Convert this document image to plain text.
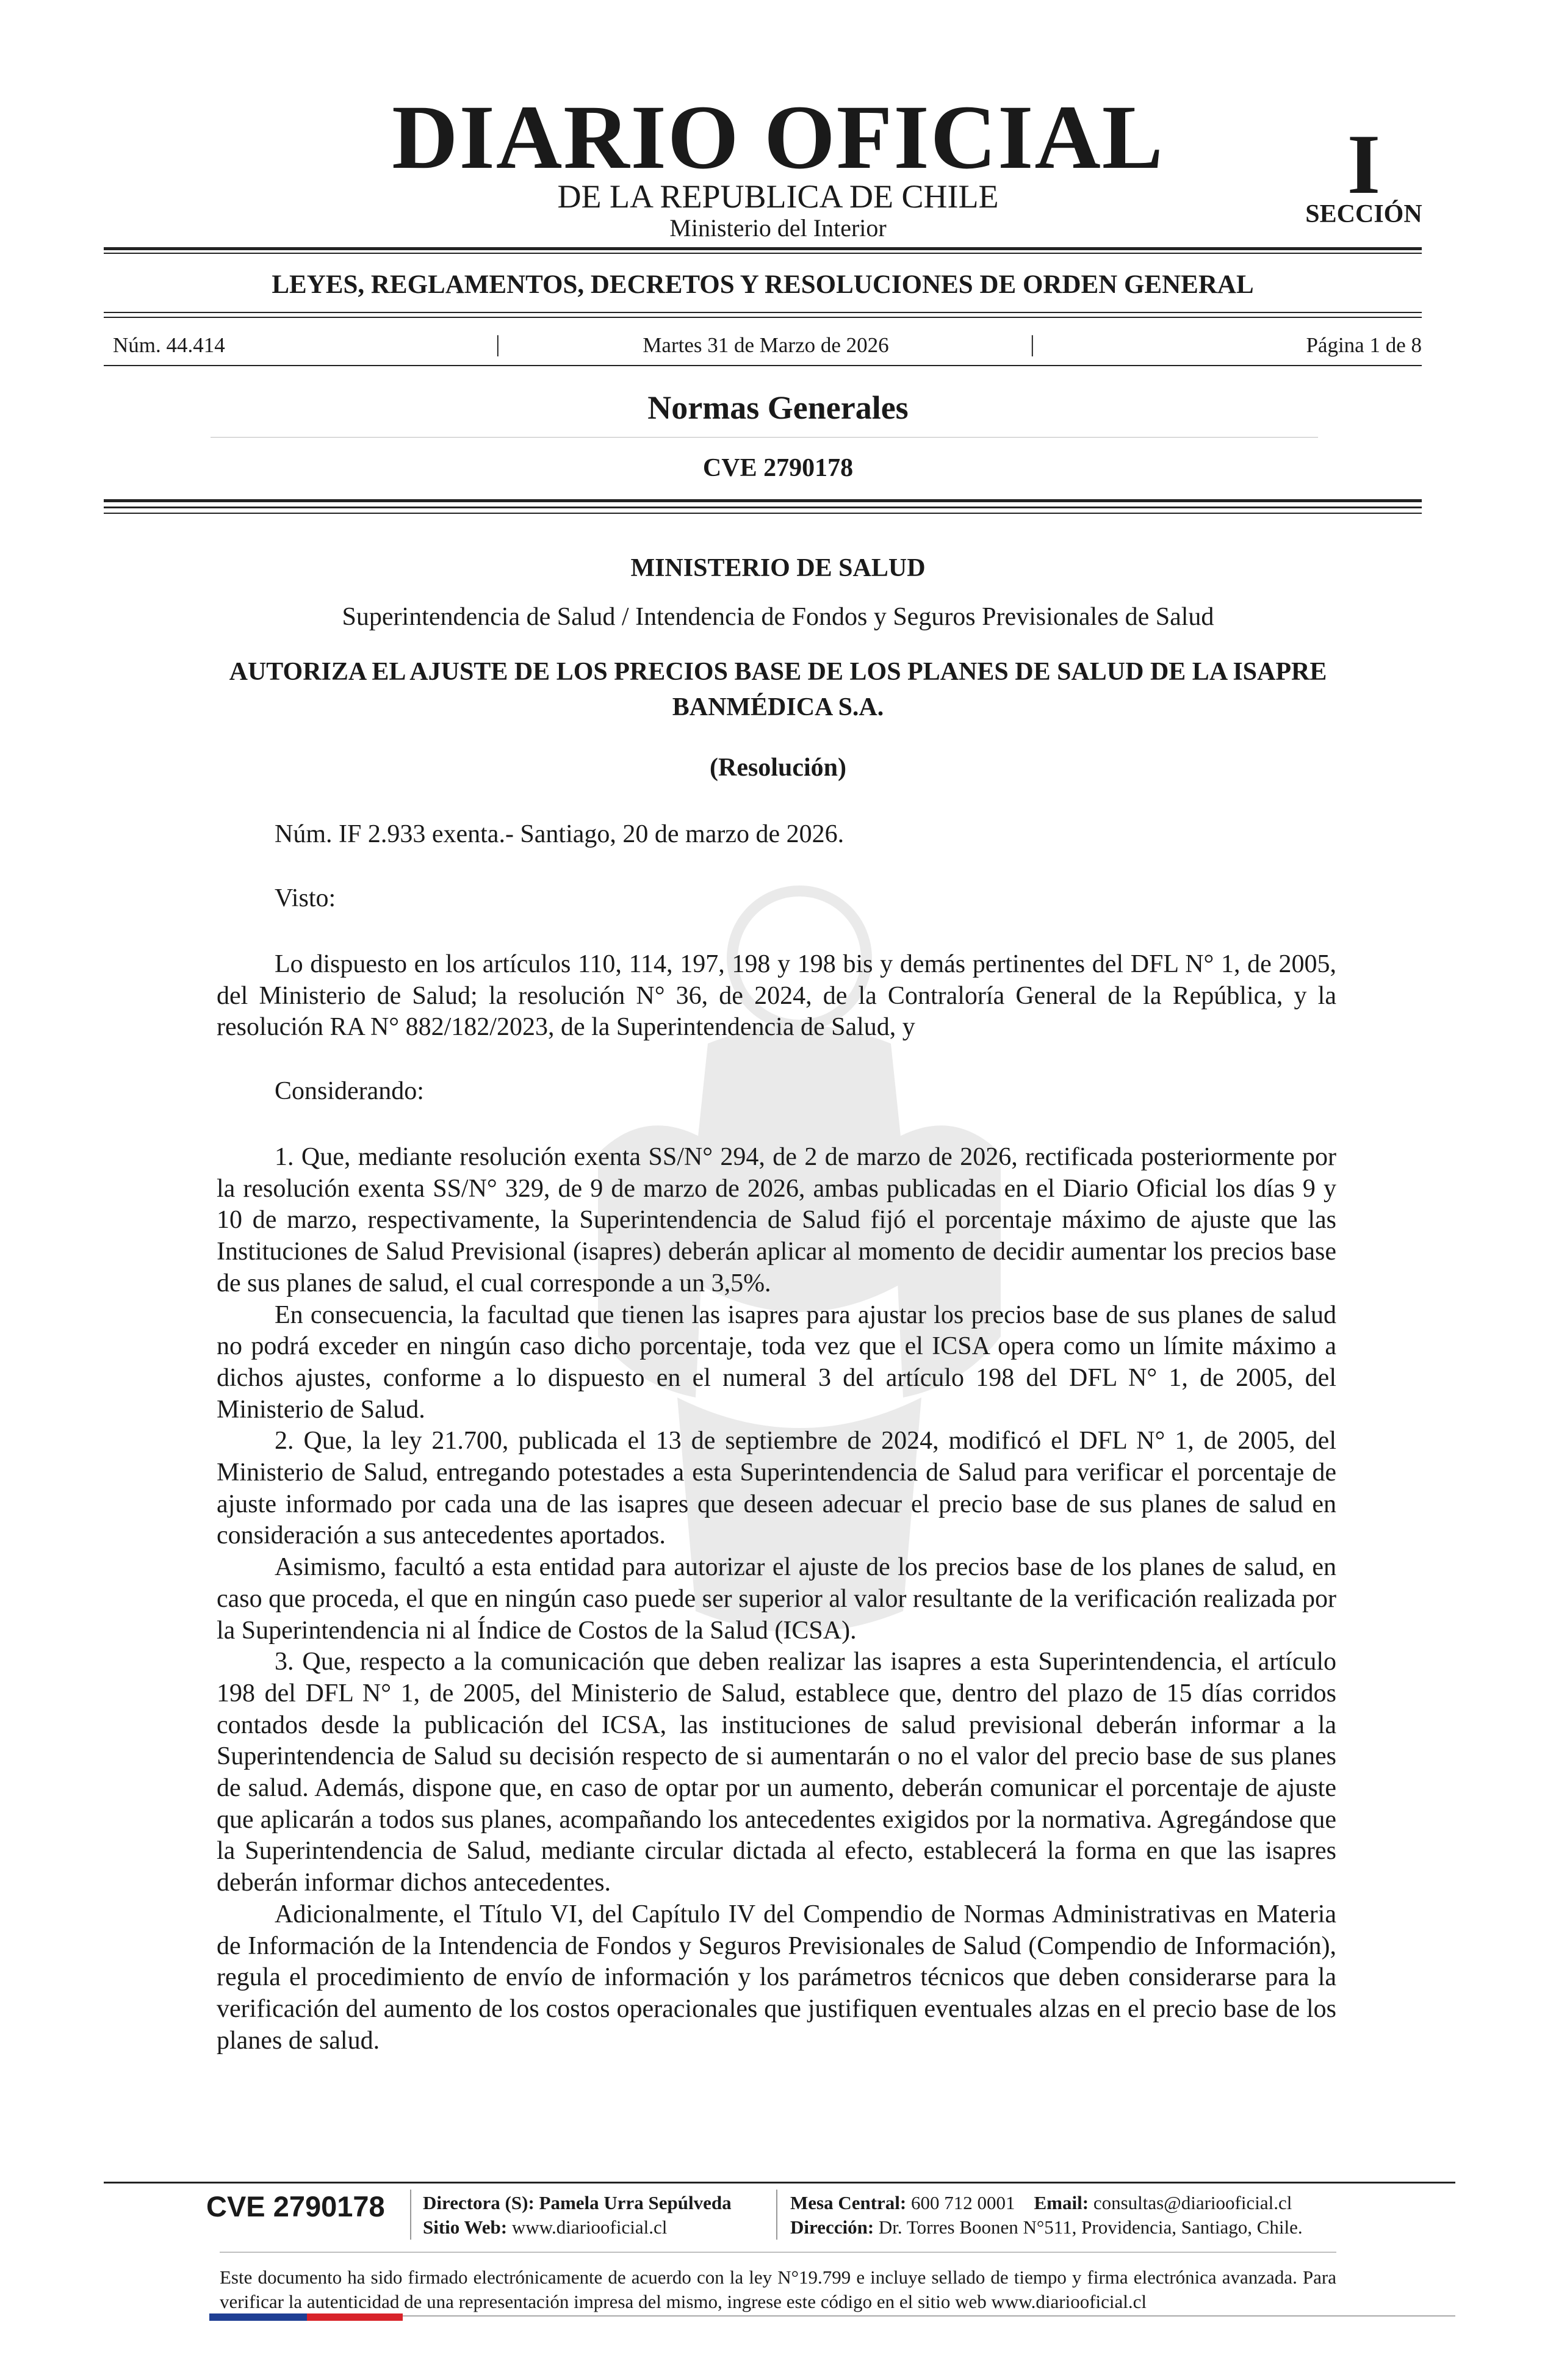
DIARIO OFICIAL
DE LA REPUBLICA DE CHILE
Ministerio del Interior
I
SECCIÓN
LEYES, REGLAMENTOS, DECRETOS Y RESOLUCIONES DE ORDEN GENERAL
Núm. 44.414	|	Martes 31 de Marzo de 2026	|	Página 1 de 8
Normas Generales
CVE 2790178
MINISTERIO DE SALUD
Superintendencia de Salud / Intendencia de Fondos y Seguros Previsionales de Salud
AUTORIZA EL AJUSTE DE LOS PRECIOS BASE DE LOS PLANES DE SALUD DE LA ISAPRE BANMÉDICA S.A.
(Resolución)
Núm. IF 2.933 exenta.- Santiago, 20 de marzo de 2026.
Visto:

Lo dispuesto en los artículos 110, 114, 197, 198 y 198 bis y demás pertinentes del DFL N° 1, de 2005, del Ministerio de Salud; la resolución N° 36, de 2024, de la Contraloría General de la República, y la resolución RA N° 882/182/2023, de la Superintendencia de Salud, y

Considerando:

1. Que, mediante resolución exenta SS/N° 294, de 2 de marzo de 2026, rectificada posteriormente por la resolución exenta SS/N° 329, de 9 de marzo de 2026, ambas publicadas en el Diario Oficial los días 9 y 10 de marzo, respectivamente, la Superintendencia de Salud fijó el porcentaje máximo de ajuste que las Instituciones de Salud Previsional (isapres) deberán aplicar al momento de decidir aumentar los precios base de sus planes de salud, el cual corresponde a un 3,5%.

En consecuencia, la facultad que tienen las isapres para ajustar los precios base de sus planes de salud no podrá exceder en ningún caso dicho porcentaje, toda vez que el ICSA opera como un límite máximo a dichos ajustes, conforme a lo dispuesto en el numeral 3 del artículo 198 del DFL N° 1, de 2005, del Ministerio de Salud.

2. Que, la ley 21.700, publicada el 13 de septiembre de 2024, modificó el DFL N° 1, de 2005, del Ministerio de Salud, entregando potestades a esta Superintendencia de Salud para verificar el porcentaje de ajuste informado por cada una de las isapres que deseen adecuar el precio base de sus planes de salud en consideración a sus antecedentes aportados.

Asimismo, facultó a esta entidad para autorizar el ajuste de los precios base de los planes de salud, en caso que proceda, el que en ningún caso puede ser superior al valor resultante de la verificación realizada por la Superintendencia ni al Índice de Costos de la Salud (ICSA).

3. Que, respecto a la comunicación que deben realizar las isapres a esta Superintendencia, el artículo 198 del DFL N° 1, de 2005, del Ministerio de Salud, establece que, dentro del plazo de 15 días corridos contados desde la publicación del ICSA, las instituciones de salud previsional deberán informar a la Superintendencia de Salud su decisión respecto de si aumentarán o no el valor del precio base de sus planes de salud. Además, dispone que, en caso de optar por un aumento, deberán comunicar el porcentaje de ajuste que aplicarán a todos sus planes, acompañando los antecedentes exigidos por la normativa. Agregándose que la Superintendencia de Salud, mediante circular dictada al efecto, establecerá la forma en que las isapres deberán informar dichos antecedentes.

Adicionalmente, el Título VI, del Capítulo IV del Compendio de Normas Administrativas en Materia de Información de la Intendencia de Fondos y Seguros Previsionales de Salud (Compendio de Información), regula el procedimiento de envío de información y los parámetros técnicos que deben considerarse para la verificación del aumento de los costos operacionales que justifiquen eventuales alzas en el precio base de los planes de salud.

CVE 2790178 Directora (S): Pamela Urra Sepúlveda
Sitio Web: www.diariooficial.cl
Mesa Central: 600 712 0001 Email: consultas@diariooficial.cl
Dirección: Dr. Torres Boonen N°511, Providencia, Santiago, Chile.
Este documento ha sido firmado electrónicamente de acuerdo con la ley N°19.799 e incluye sellado de tiempo y firma electrónica avanzada. Para verificar la autenticidad de una representación impresa del mismo, ingrese este código en el sitio web www.diariooficial.cl
